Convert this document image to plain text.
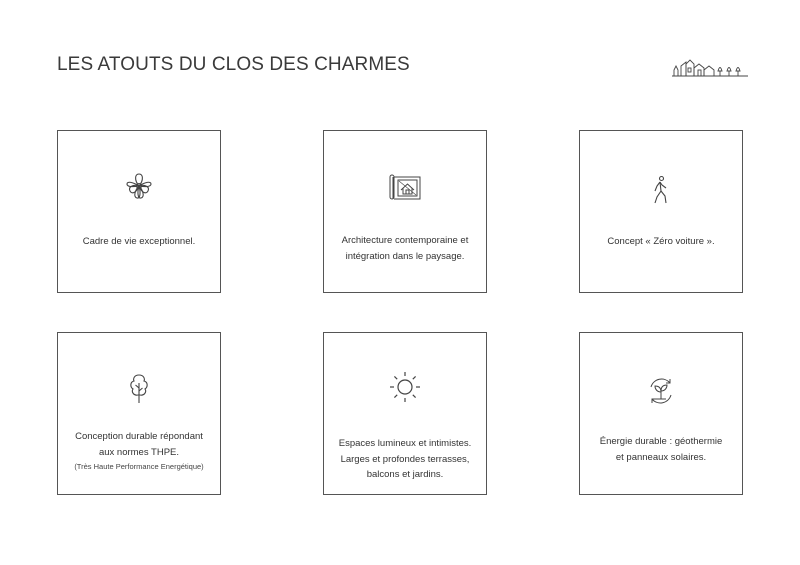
LES ATOUTS DU CLOS DES CHARMES
Cadre de vie exceptionnel.	Architecture contemporaine et
intégration dans le paysage.
Concept « Zéro voiture ».
Conception durable répondant
aux normes THPE.
(Très Haute Performance Energétique)
Espaces lumineux et intimistes.
Larges et profondes terrasses,
balcons et jardins.
Énergie durable : géothermie
et panneaux solaires.
